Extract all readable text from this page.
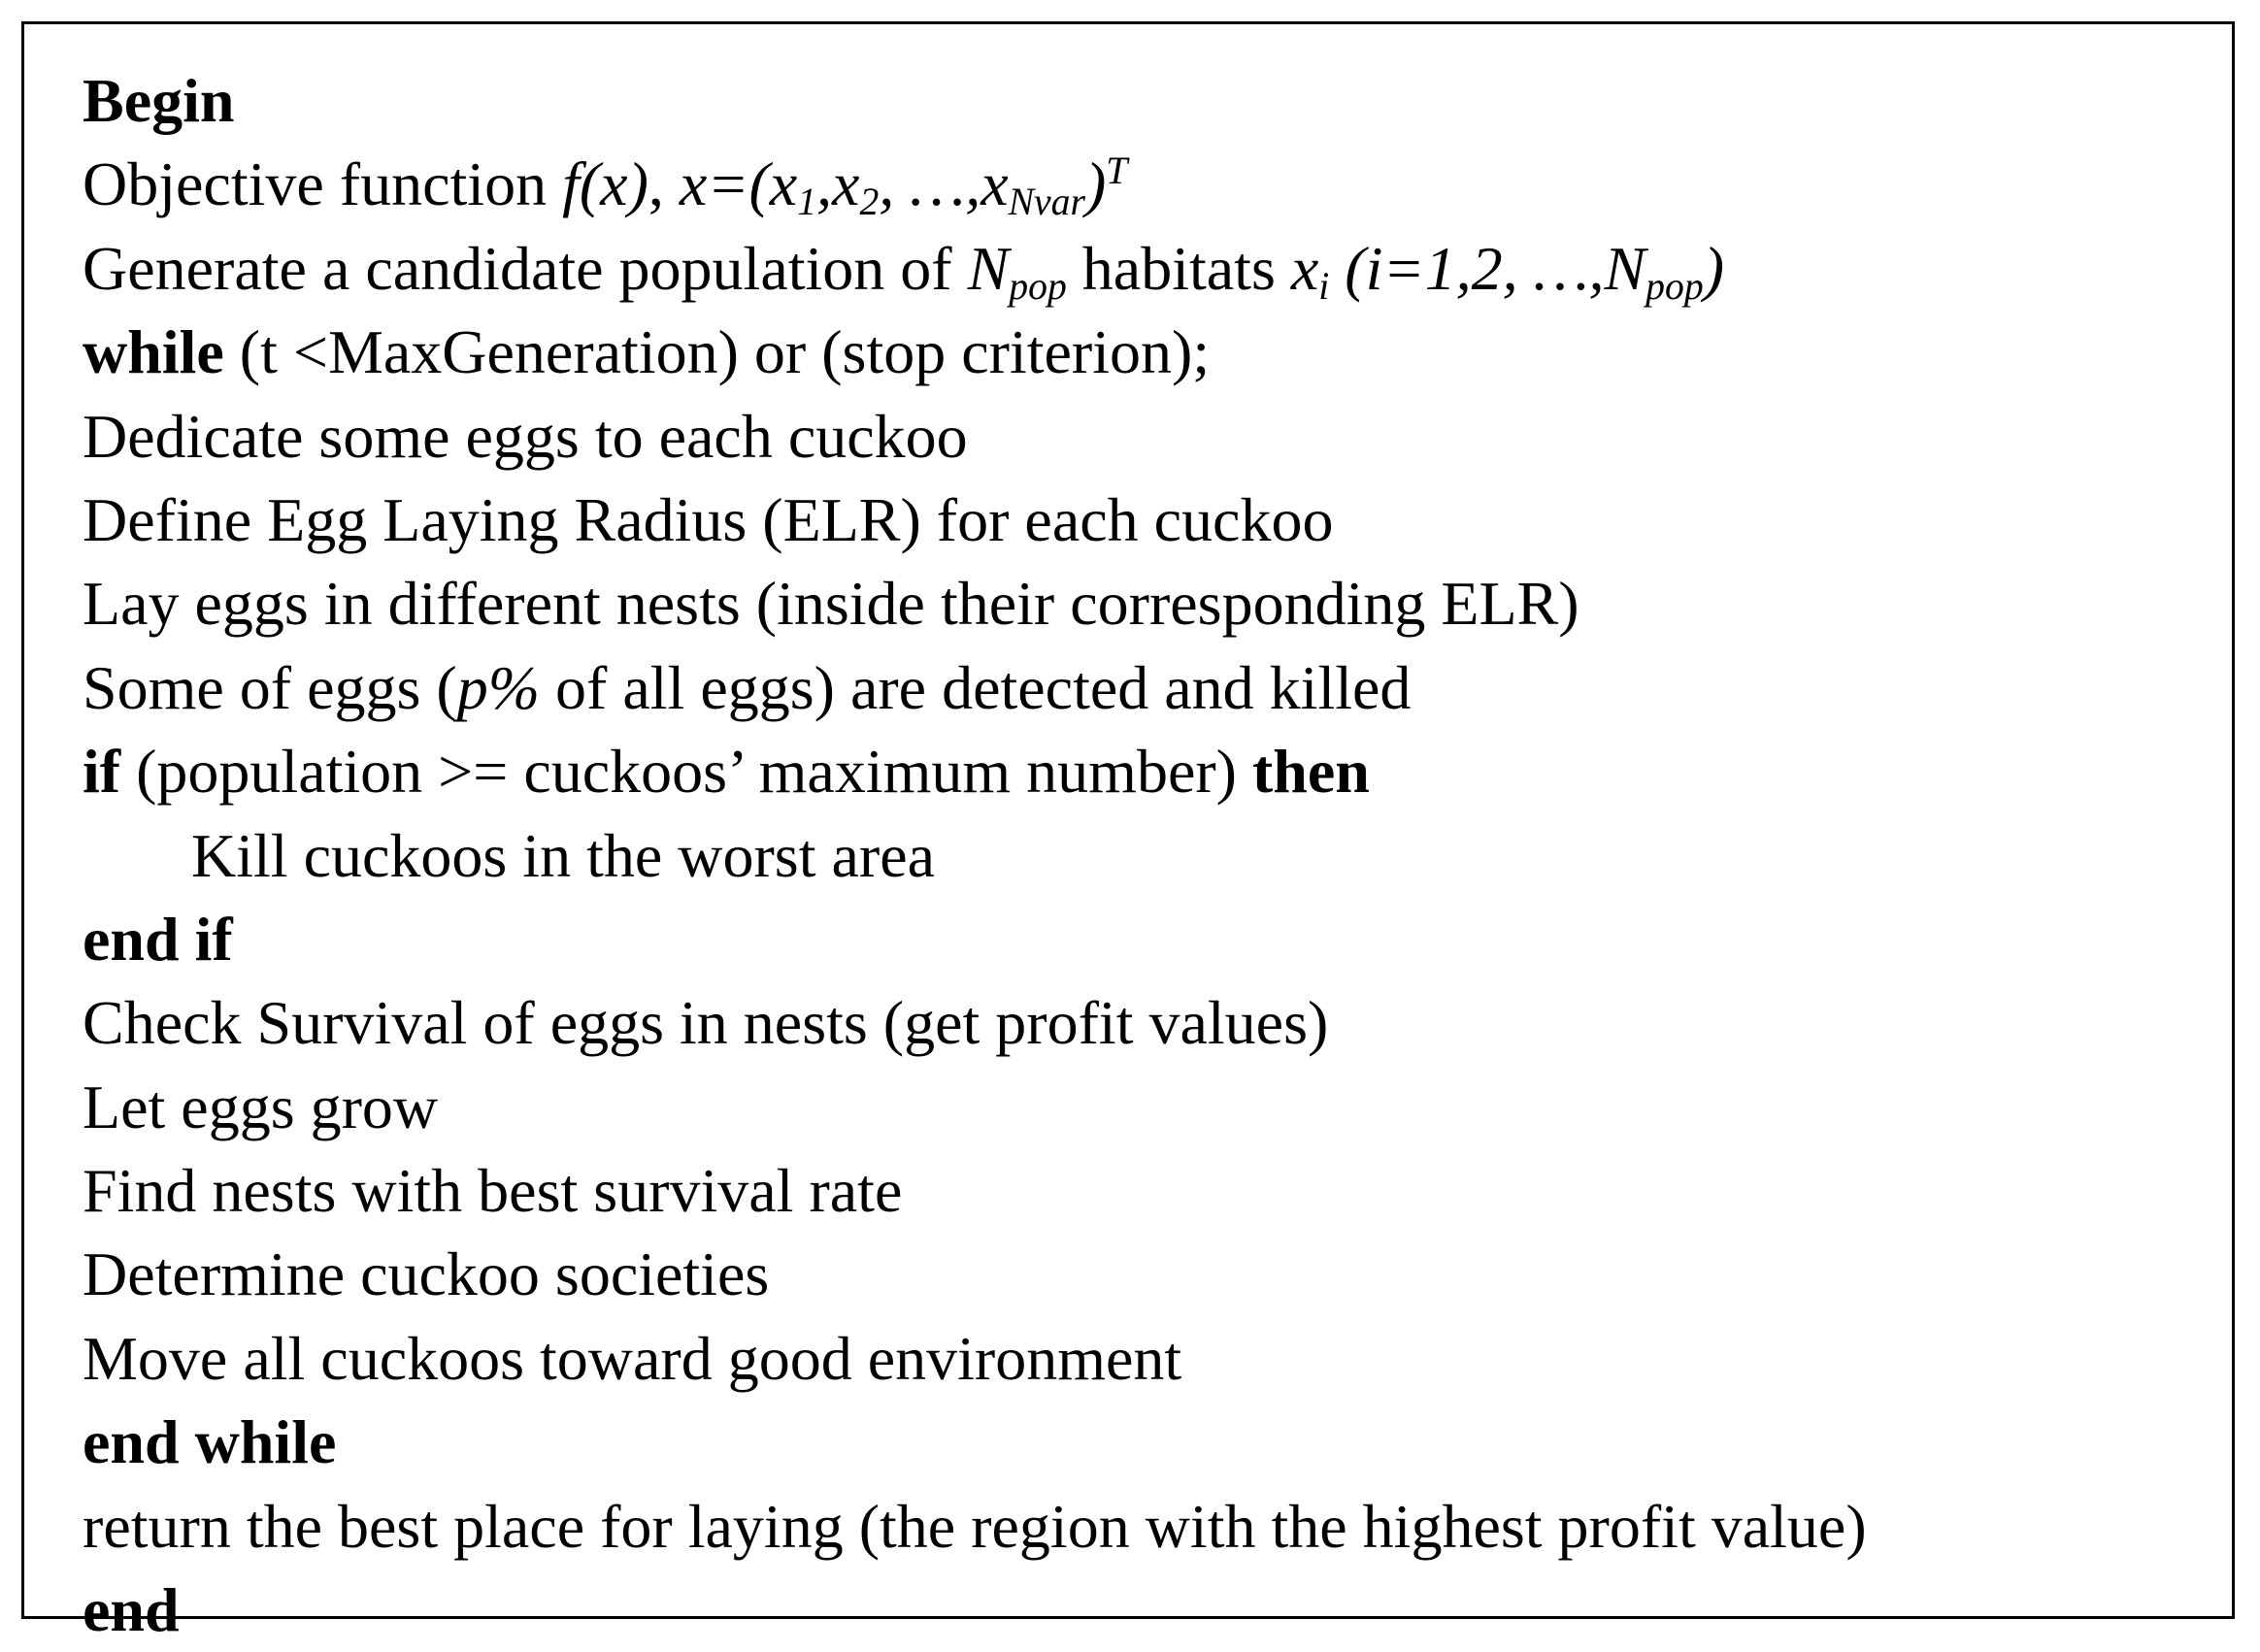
Begin
Objective function f(x), $x=(x_1,x_2$, $\dots,x_{Nvar})^T$
Generate a candidate population of $N_{pop}$ habitats $x_i$ (i=1,2, $\dots,N_{pop}$)
while (t <MaxGeneration) or (stop criterion);
Dedicate some eggs to each cuckoo
Define Egg Laying Radius (ELR) for each cuckoo
Lay eggs in different nests (inside their corresponding ELR)
Some of eggs (p% of all eggs) are detected and killed
if (population >= cuckoos’ maximum number) then
Kill cuckoos in the worst area
end if
Check Survival of eggs in nests (get profit values)
Let eggs grow
Find nests with best survival rate
Determine cuckoo societies
Move all cuckoos toward good environment
end while
return the best place for laying (the region with the highest profit value)
end
